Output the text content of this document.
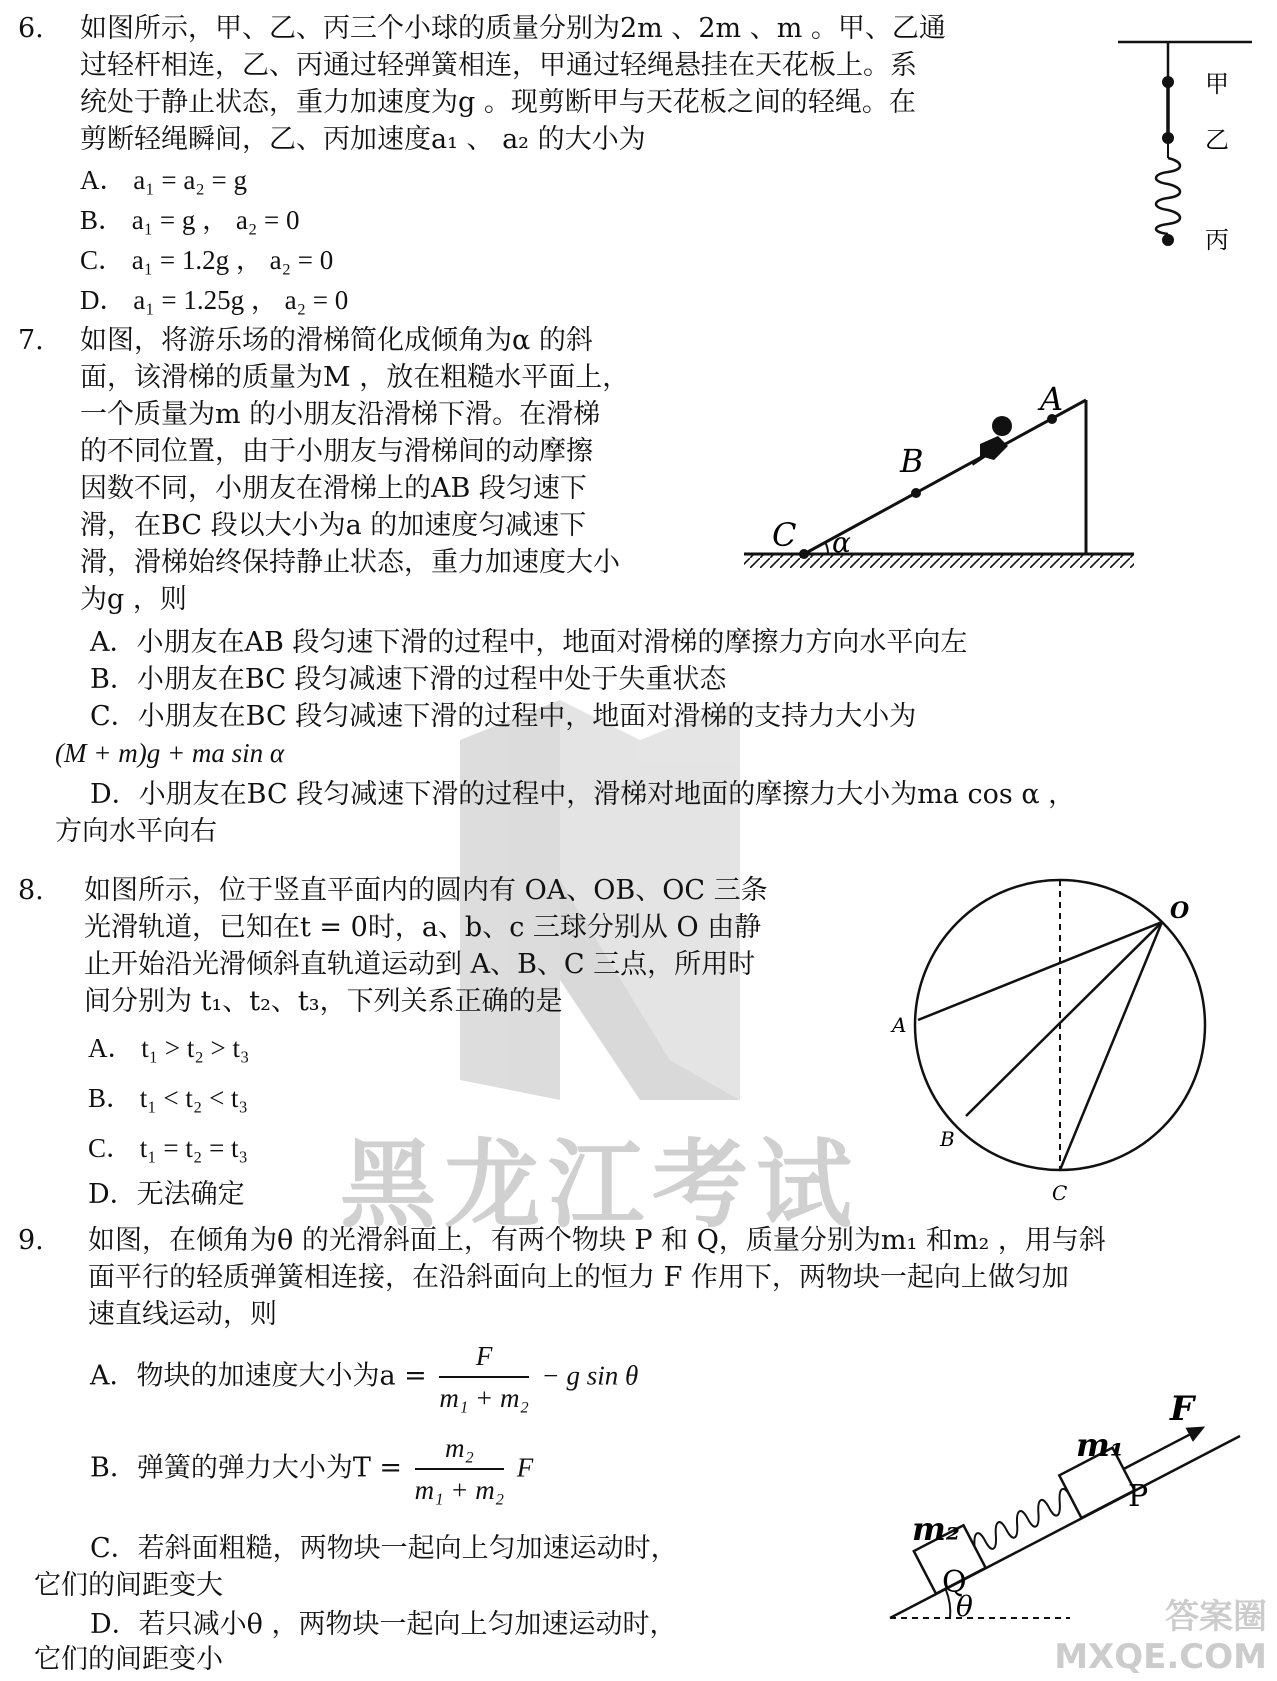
黑龙江考试
答案圈
MXQE.COM
6. 如图所示，甲、乙、丙三个小球的质量分别为2m 、2m 、m 。甲、乙通
过轻杆相连，乙、丙通过轻弹簧相连，甲通过轻绳悬挂在天花板上。系
统处于静止状态，重力加速度为g 。现剪断甲与天花板之间的轻绳。在
剪断轻绳瞬间，乙、丙加速度a₁ 、 a₂ 的大小为
A． a₁ = a₂ = g
B． a₁ = g ， a₂ = 0
C． a₁ = 1.2g ， a₂ = 0
D． a₁ = 1.25g ， a₂ = 0
甲
乙
丙
7. 如图，将游乐场的滑梯简化成倾角为α 的斜
面，该滑梯的质量为M ，放在粗糙水平面上，
一个质量为m 的小朋友沿滑梯下滑。在滑梯
的不同位置，由于小朋友与滑梯间的动摩擦
因数不同，小朋友在滑梯上的AB 段匀速下
滑，在BC 段以大小为a 的加速度匀减速下
滑，滑梯始终保持静止状态，重力加速度大小
为g ，则
A．小朋友在AB 段匀速下滑的过程中，地面对滑梯的摩擦力方向水平向左
B．小朋友在BC 段匀减速下滑的过程中处于失重状态
C．小朋友在BC 段匀减速下滑的过程中，地面对滑梯的支持力大小为
(M + m)g + ma sin α
D．小朋友在BC 段匀减速下滑的过程中，滑梯对地面的摩擦力大小为ma cos α ，
方向水平向右
A
B
C α
8. 如图所示，位于竖直平面内的圆内有 OA、OB、OC 三条
光滑轨道，已知在t = 0时，a、b、c 三球分别从 O 由静
止开始沿光滑倾斜直轨道运动到 A、B、C 三点，所用时
间分别为 t₁、t₂、t₃，下列关系正确的是
A． t₁ > t₂ > t₃
B． t₁ < t₂ < t₃
C． t₁ = t₂ = t₃
D．无法确定
O
A
B
C
9. 如图，在倾角为θ 的光滑斜面上，有两个物块 P 和 Q，质量分别为m₁ 和m₂ ，用与斜
面平行的轻质弹簧相连接，在沿斜面向上的恒力 F 作用下，两物块一起向上做匀加
速直线运动，则
A．物块的加速度大小为$a = \frac{F}{\text{m₁ + m₂}} - g$ sin θ
B．弹簧的弹力大小为$T = \frac{\text{m₂}}{\text{m₁ + m₂}}$ F
C．若斜面粗糙，两物块一起向上匀加速运动时，
它们的间距变大
D．若只减小θ ，两物块一起向上匀加速运动时，
它们的间距变小
F
m₁
P
m₂
Q
θ
